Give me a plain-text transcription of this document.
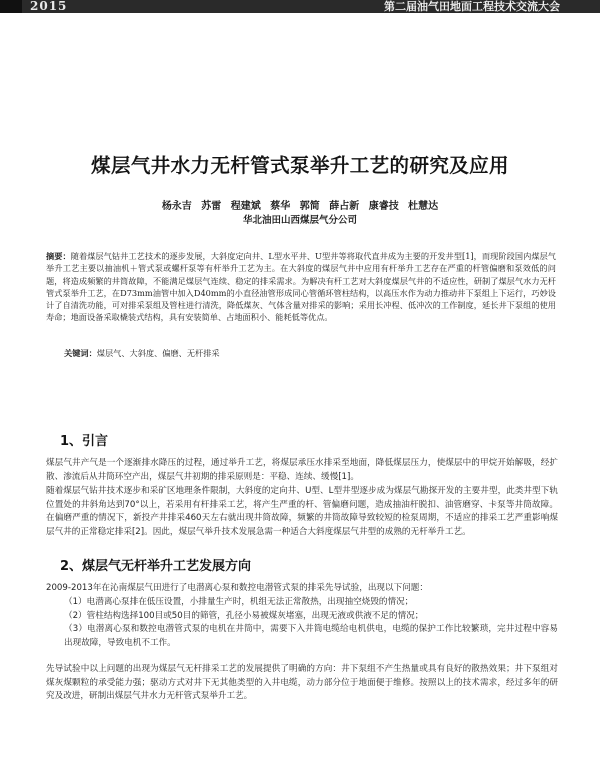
2015	第二届油气田地面工程技术交流大会
煤层气井水力无杆管式泵举升工艺的研究及应用
杨永吉 苏雷 程建斌 蔡华 郭简 薛占新 康睿技 杜慧达
华北油田山西煤层气分公司
摘要：随着煤层气钻井工艺技术的逐步发展，大斜度定向井、L型水平井、U型井等将取代直井成为主要的开发井型[1]，而现阶段国内煤层气举升工艺主要以抽油机＋管式泵或螺杆泵等有杆举升工艺为主。在大斜度的煤层气井中应用有杆举升工艺存在严重的杆管偏磨和泵效低的问题，将造成频繁的井筒故障，不能满足煤层气连续、稳定的排采需求。为解决有杆工艺对大斜度煤层气井的不适应性，研制了煤层气水力无杆管式泵举升工艺，在D73mm油管中加入D40mm的小直径油管形成同心管循环管柱结构，以高压水作为动力推动井下泵组上下运行，巧妙设计了自清洗功能，可对排采泵组及管柱进行清洗，降低煤灰、气体含量对排采的影响；采用长冲程、低冲次的工作制度，延长井下泵组的使用寿命；地面设备采取橇装式结构，具有安装简单、占地面积小、能耗低等优点。
关键词：煤层气、大斜度、偏磨、无杆排采
1、引言

煤层气井产气是一个逐渐排水降压的过程，通过举升工艺，将煤层承压水排采至地面，降低煤层压力，使煤层中的甲烷开始解吸，经扩散、渗流后从井筒环空产出，煤层气井初期的排采原则是：平稳、连续、缓慢[1]。

随着煤层气钻井技术逐步和采矿区地理条件限制，大斜度的定向井、U型、L型井型逐步成为煤层气勘探开发的主要井型，此类井型下轨位置处的井斜角达到70°以上，若采用有杆排采工艺，将产生严重的杆、管偏磨问题，造成抽油杆脱扣、油管磨穿、卡泵等井筒故障。在偏磨严重的情况下，新投产井排采460天左右就出现井筒故障，频繁的井筒故障导致较短的检泵周期，不适应的排采工艺严重影响煤层气井的正常稳定排采[2]。因此，煤层气举升技术发展急需一种适合大斜度煤层气井型的成熟的无杆举升工艺。

2、煤层气无杆举升工艺发展方向

2009-2013年在沁南煤层气田进行了电潜离心泵和数控电潜管式泵的排采先导试验，出现以下问题：

（1）电潜离心泵排在低压设置，小排量生产时，机组无法正常散热，出现抽空烧毁的情况；
（2）管柱结构选择100目或50目的筛管，孔径小易被煤灰堵塞，出现无液或供液不足的情况；
（3）电潜离心泵和数控电潜管式泵的电机在井筒中，需要下入井筒电缆给电机供电，电缆的保护工作比较繁琐，完井过程中容易出现故障，导致电机不工作。

先导试验中以上问题的出现为煤层气无杆排采工艺的发展提供了明确的方向：井下泵组不产生热量或具有良好的散热效果；井下泵组对煤灰煤颗粒的承受能力强；驱动方式对井下无其他类型的入井电缆，动力部分位于地面便于维修。按照以上的技术需求，经过多年的研究及改进，研制出煤层气井水力无杆管式泵举升工艺。
